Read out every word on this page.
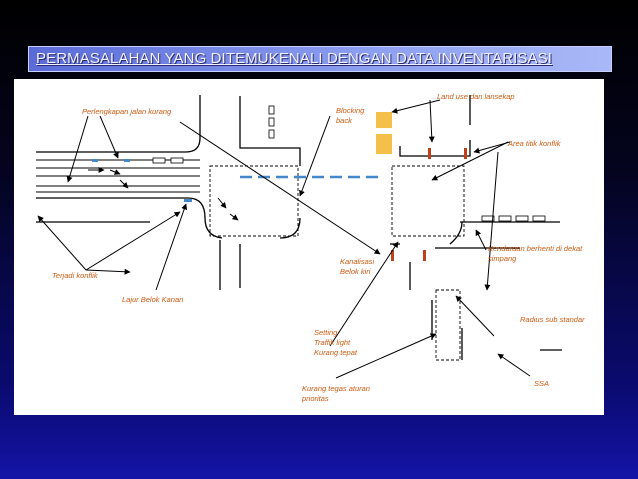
PERMASALAHAN YANG DITEMUKENALI DENGAN DATA INVENTARISASI
Perlengkapan jalan kurang	Blocking
back
Land use dan lansekap
Area titik konflik
Kendaraan berhenti di dekat
simpang
Kanalisasi
Belok kiri
Terjadi konflik
Lajur Belok Kanan
Radius sub standar
Setting
Traffik light
Kurang tepat
SSA
Kurang tegas aturan
prioritas
